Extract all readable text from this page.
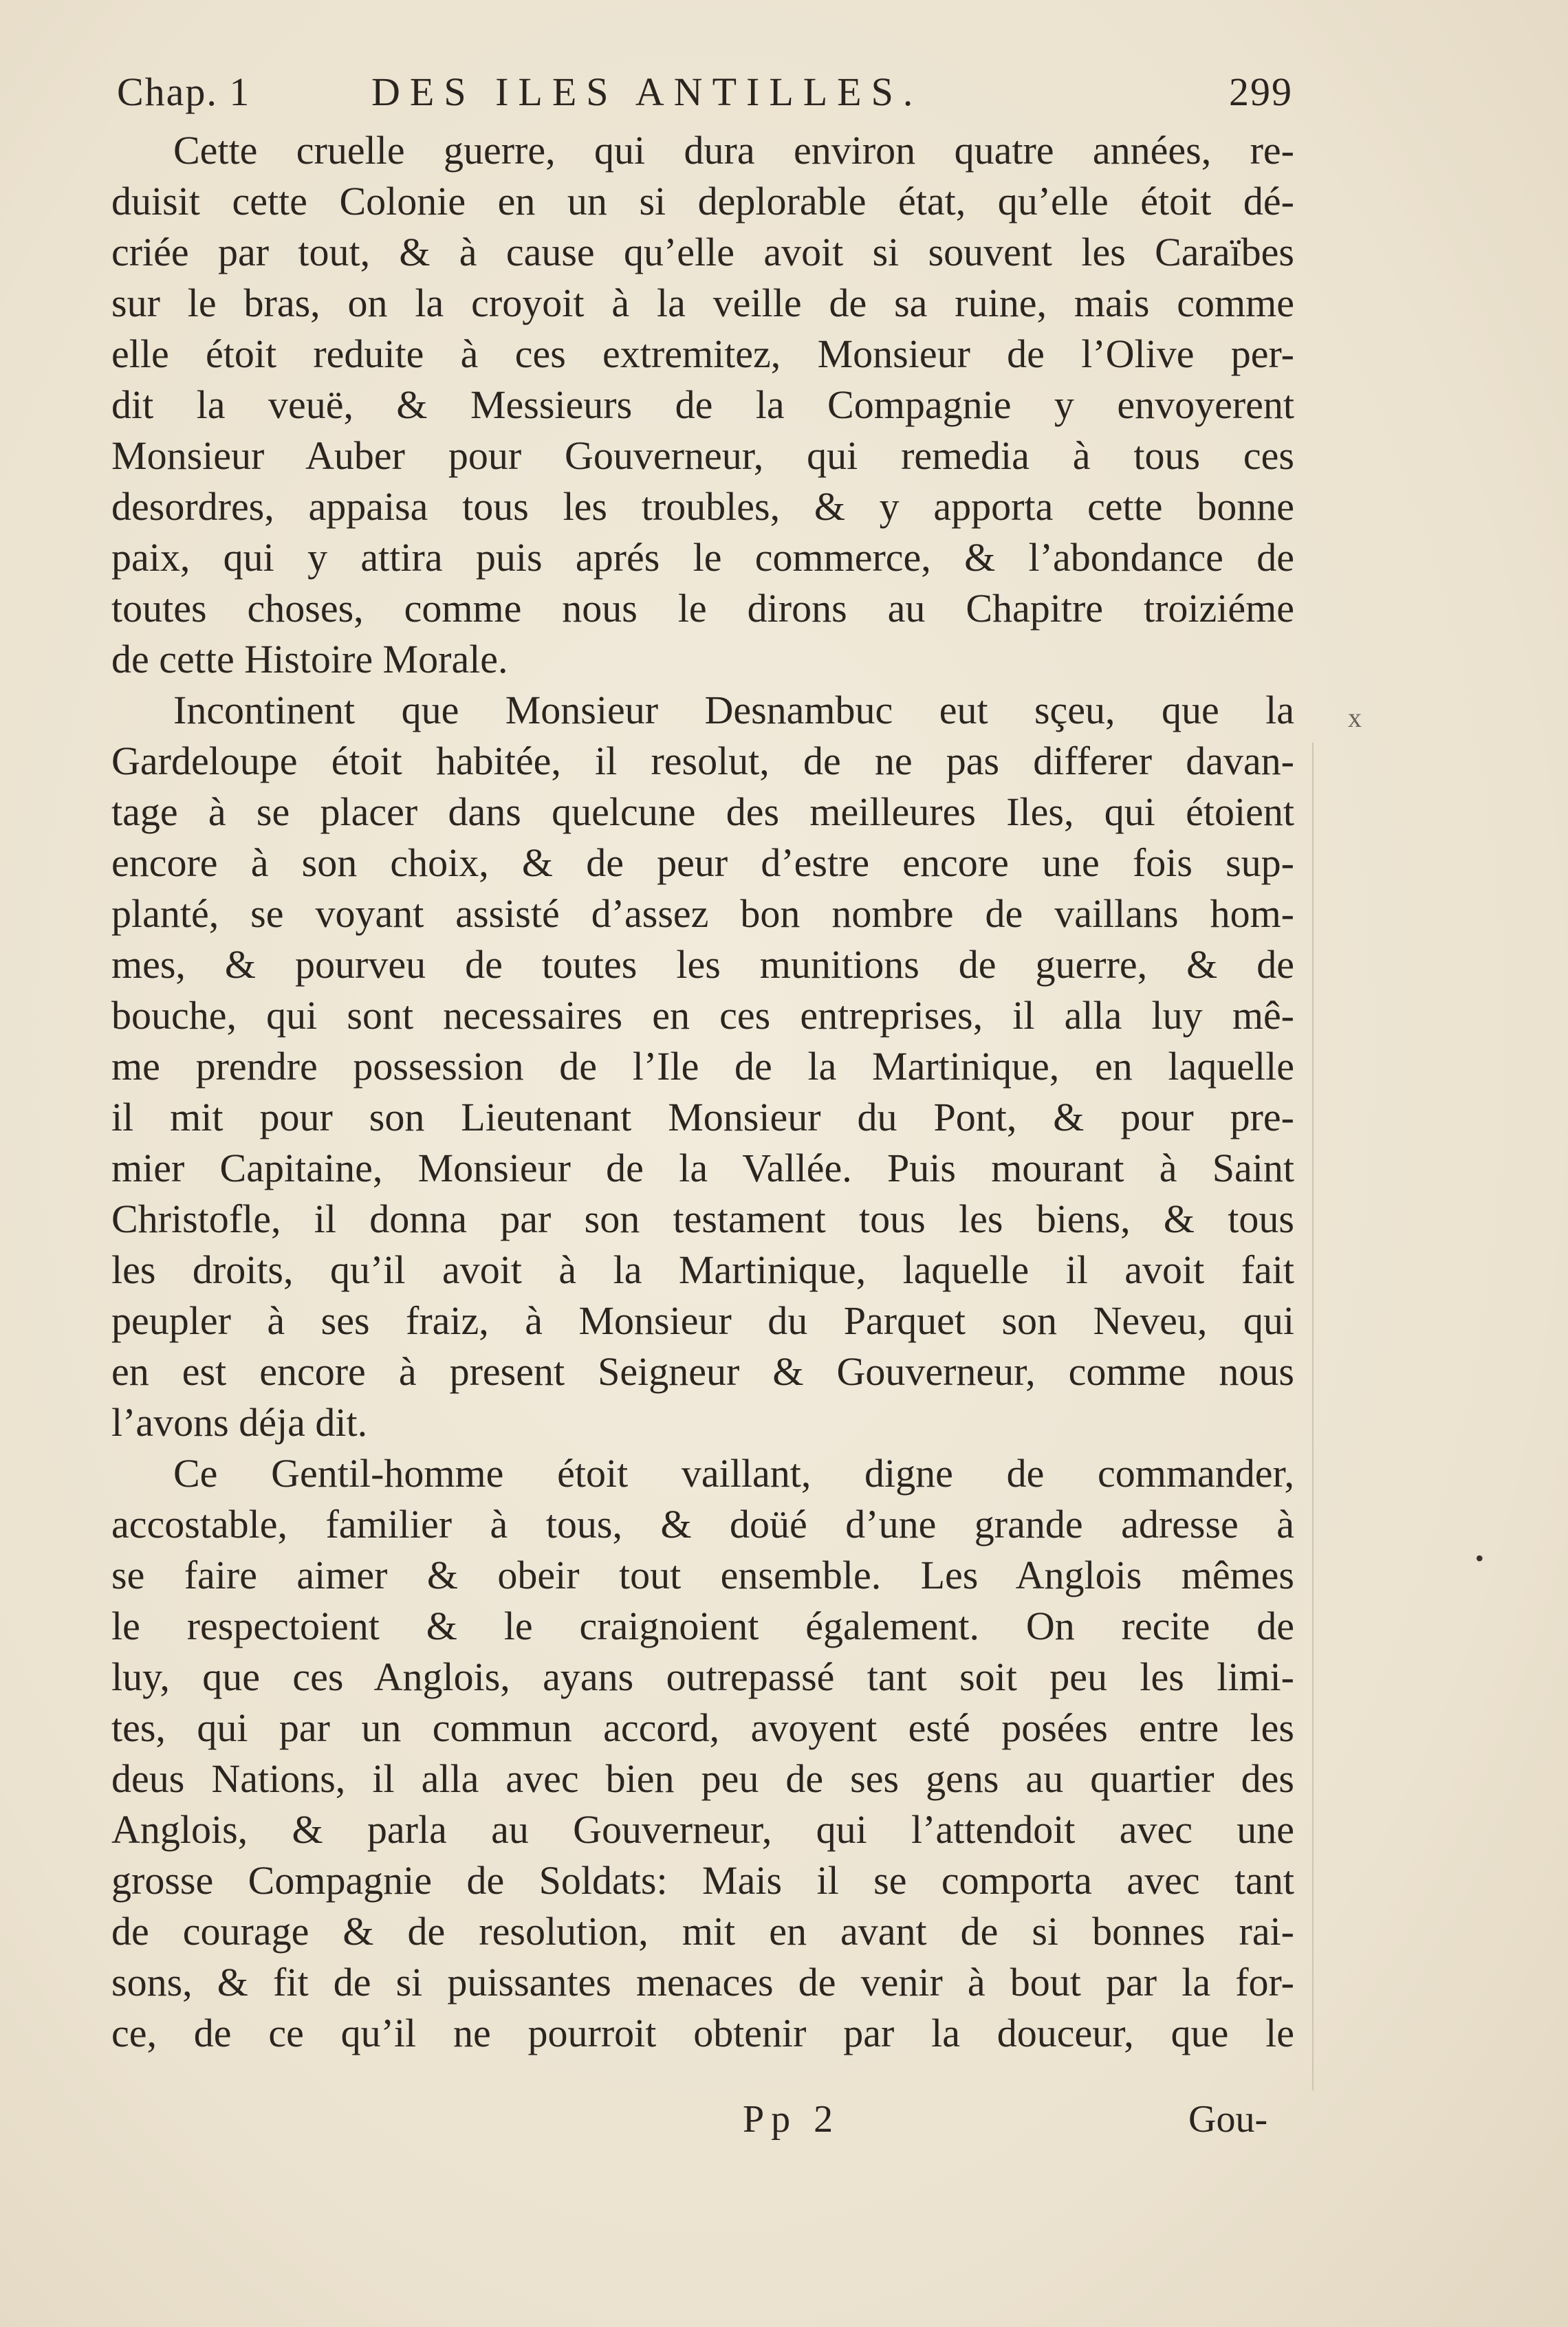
Chap. 1	DES ILES ANTILLES.	299
Cette cruelle guerre, qui dura environ quatre années, re-
duisit cette Colonie en un si deplorable état, qu’elle étoit dé-
criée par tout, & à cause qu’elle avoit si souvent les Caraïbes
sur le bras, on la croyoit à la veille de sa ruine, mais comme
elle étoit reduite à ces extremitez, Monsieur de l’Olive per-
dit la veuë, & Messieurs de la Compagnie y envoyerent
Monsieur Auber pour Gouverneur, qui remedia à tous ces
desordres, appaisa tous les troubles, & y apporta cette bonne
paix, qui y attira puis aprés le commerce, & l’abondance de
toutes choses, comme nous le dirons au Chapitre troiziéme
de cette Histoire Morale.
Incontinent que Monsieur Desnambuc eut sçeu, que la
Gardeloupe étoit habitée, il resolut, de ne pas differer davan-
tage à se placer dans quelcune des meilleures Iles, qui étoient
encore à son choix, & de peur d’estre encore une fois sup-
planté, se voyant assisté d’assez bon nombre de vaillans hom-
mes, & pourveu de toutes les munitions de guerre, & de
bouche, qui sont necessaires en ces entreprises, il alla luy mê-
me prendre possession de l’Ile de la Martinique, en laquelle
il mit pour son Lieutenant Monsieur du Pont, & pour pre-
mier Capitaine, Monsieur de la Vallée. Puis mourant à Saint
Christofle, il donna par son testament tous les biens, & tous
les droits, qu’il avoit à la Martinique, laquelle il avoit fait
peupler à ses fraiz, à Monsieur du Parquet son Neveu, qui
en est encore à present Seigneur & Gouverneur, comme nous
l’avons déja dit.
Ce Gentil-homme étoit vaillant, digne de commander,
accostable, familier à tous, & doüé d’une grande adresse à
se faire aimer & obeir tout ensemble. Les Anglois mêmes
le respectoient & le craignoient également. On recite de
luy, que ces Anglois, ayans outrepassé tant soit peu les limi-
tes, qui par un commun accord, avoyent esté posées entre les
deus Nations, il alla avec bien peu de ses gens au quartier des
Anglois, & parla au Gouverneur, qui l’attendoit avec une
grosse Compagnie de Soldats: Mais il se comporta avec tant
de courage & de resolution, mit en avant de si bonnes rai-
sons, & fit de si puissantes menaces de venir à bout par la for-
ce, de ce qu’il ne pourroit obtenir par la douceur, que le
Pp 2	Gou-
x
•
